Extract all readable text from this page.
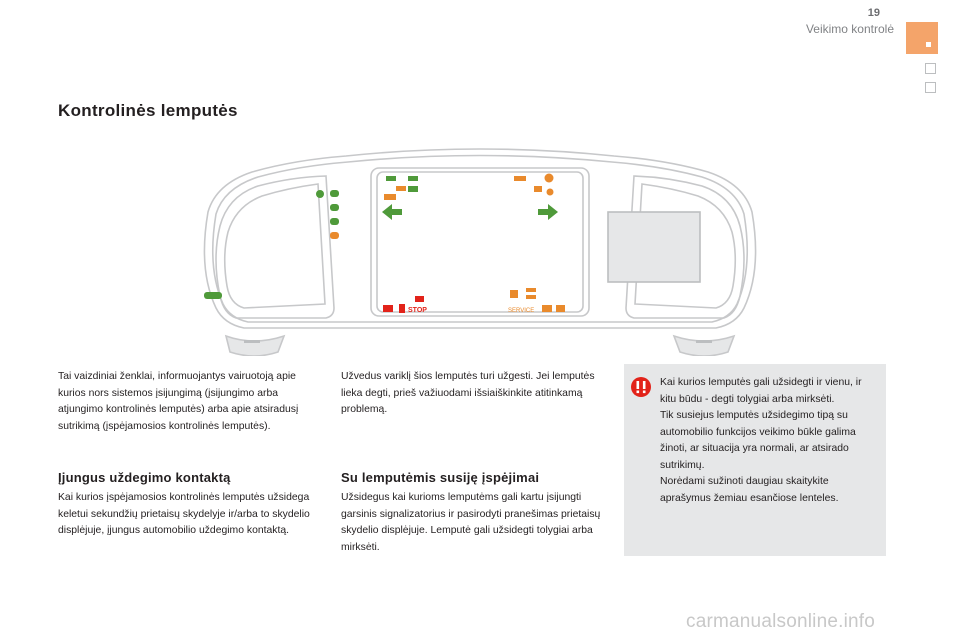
19
Veikimo kontrolė
Kontrolinės lemputės
STOP	SERVICE

Tai vaizdiniai ženklai, informuojantys vairuotoją apie kurios nors sistemos įsijungimą (įsijungimo arba atjungimo kontrolinės lemputės) arba apie atsiradusį sutrikimą (įspėjamosios kontrolinės lemputės).

Užvedus variklį šios lemputės turi užgesti. Jei lemputės lieka degti, prieš važiuodami išsiaiškinkite atitinkamą problemą.

Įjungus uždegimo kontaktą

Kai kurios įspėjamosios kontrolinės lemputės užsidega keletui sekundžių prietaisų skydelyje ir/arba to skydelio displėjuje, įjungus automobilio uždegimo kontaktą.

Su lemputėmis susiję įspėjimai

Užsidegus kai kurioms lemputėms gali kartu įsijungti garsinis signalizatorius ir pasirodyti pranešimas prietaisų skydelio displėjuje. Lemputė gali užsidegti tolygiai arba mirksėti.

Kai kurios lemputės gali užsidegti ir vienu, ir kitu būdu - degti tolygiai arba mirksėti.
Tik susiejus lemputės užsidegimo tipą su automobilio funkcijos veikimo būkle galima žinoti, ar situacija yra normali, ar atsirado sutrikimų.
Norėdami sužinoti daugiau skaitykite aprašymus žemiau esančiose lenteles.

carmanualsonline.info
